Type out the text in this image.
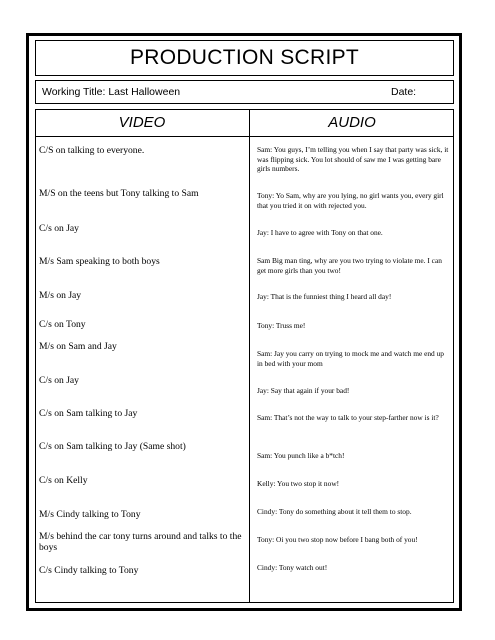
PRODUCTION SCRIPT
Working Title: Last Halloween	Date:
VIDEO	AUDIO
C/S on talking to everyone.
M/S on the teens but Tony talking to Sam
C/s on Jay
M/s Sam speaking to both boys
M/s on Jay
C/s on Tony
M/s on Sam and Jay
C/s on Jay
C/s on Sam talking to Jay
C/s on Sam talking to Jay (Same shot)
C/s on Kelly
M/s Cindy talking to Tony
M/s behind the car tony turns around and talks to the boys
C/s Cindy talking to Tony
Sam: You guys, I’m telling you when I say that party was sick, it was flipping sick. You lot should of saw me I was getting bare girls numbers.
Tony: Yo Sam, why are you lying, no girl wants you, every girl that you tried it on with rejected you.
Jay: I have to agree with Tony on that one.
Sam Big man ting, why are you two trying to violate me. I can get more girls than you two!
Jay: That is the funniest thing I heard all day!
Tony: Truss me!
Sam: Jay you carry on trying to mock me and watch me end up in bed with your mom
Jay: Say that again if your bad!
Sam: That’s not the way to talk to your step-farther now is it?
Sam: You punch like a b*tch!
Kelly: You two stop it now!
Cindy: Tony do something about it tell them to stop.
Tony: Oi you two stop now before I bang both of you!
Cindy: Tony watch out!
